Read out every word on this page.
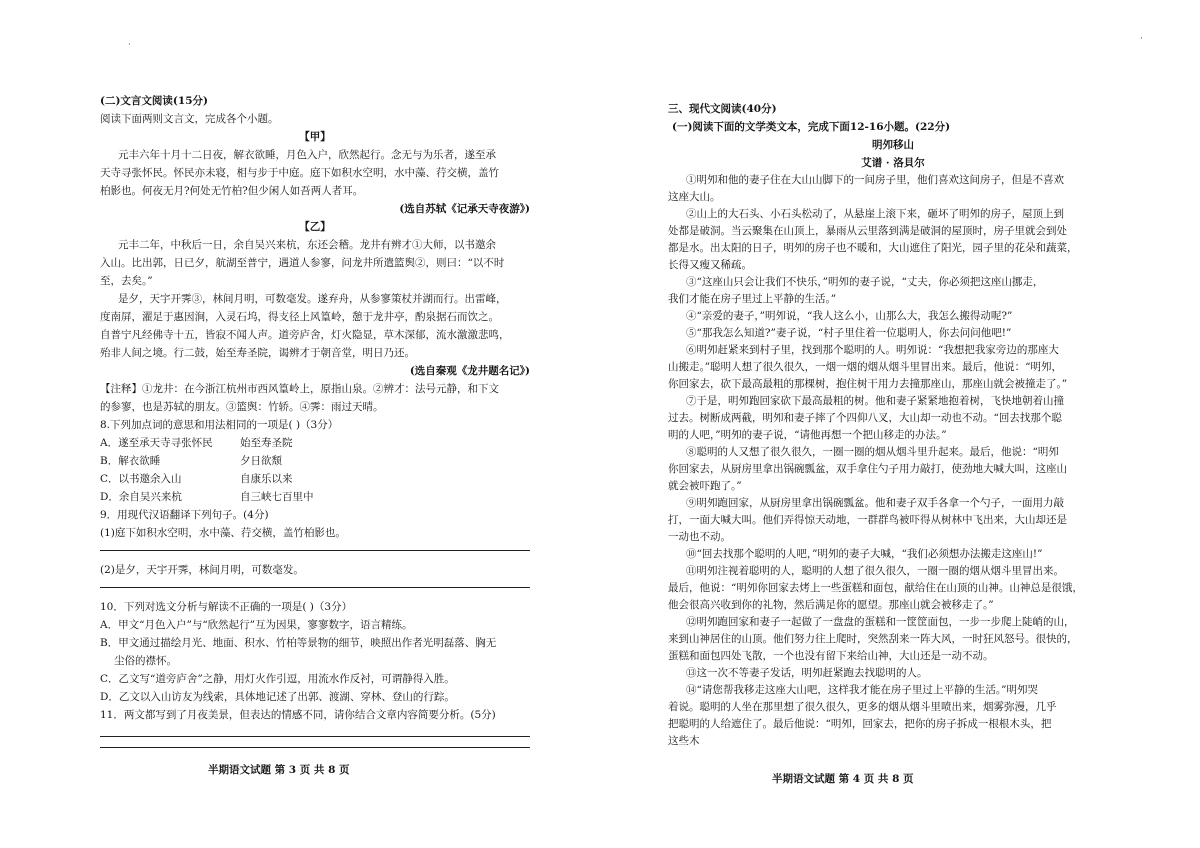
·
·
(二)文言文阅读(15分)
阅读下面两则文言文，完成各个小题。
【甲】
元丰六年十月十二日夜，解衣欲睡，月色入户，欣然起行。念无与为乐者，遂至承
天寺寻张怀民。怀民亦未寝，相与步于中庭。庭下如积水空明，水中藻、荇交横，盖竹
柏影也。何夜无月?何处无竹柏?但少闲人如吾两人者耳。
(选自苏轼《记承天寺夜游》)
【乙】
元丰二年，中秋后一日，余自吴兴来杭，东还会稽。龙井有辨才①大师，以书邀余
入山。比出郭，日已夕，航湖至普宁，遇道人参寥，问龙井所遣篮舆②，则曰：“以不时
至，去矣。”
是夕，天宇开霁③，林间月明，可数毫发。遂弃舟，从参寥策杖并湖而行。出雷峰，
度南屏，濯足于惠因涧，入灵石坞，得支径上风篁岭，憩于龙井亭，酌泉据石而饮之。
自普宁凡经佛寺十五，皆寂不闻人声。道旁庐舍，灯火隐显，草木深郁，流水激激悲鸣，
殆非人间之境。行二鼓，始至寿圣院，谒辨才于朝音堂，明日乃还。
(选自秦观《龙井题名记》)
【注释】①龙井：在今浙江杭州市西风篁岭上，原指山泉。②辨才：法号元静，和下文
的参寥，也是苏轼的朋友。③篮舆：竹轿。④霁：雨过天晴。
8.下列加点词的意思和用法相同的一项是( )（3分）
A．遂至承天寺寻张怀民	始至寿圣院
B．解衣欲睡	夕日欲颓
C．以书邀余入山	自康乐以来
D．余自吴兴来杭	自三峡七百里中
9．用现代汉语翻译下列句子。(4分)
(1)庭下如积水空明，水中藻、荇交横，盖竹柏影也。
(2)是夕，天宇开霁，林间月明，可数毫发。
10．下列对选文分析与解读不正确的一项是( )（3分）
A．甲文“月色入户”与“欣然起行”互为因果，寥寥数字，语言精练。
B．甲文通过描绘月光、地面、积水、竹柏等景物的细节，映照出作者光明磊落、胸无
尘俗的襟怀。
C．乙文写“道旁庐舍”之静，用灯火作引逗，用流水作反衬，可谓静得入胜。
D．乙文以入山访友为线索，具体地记述了出郭、渡湖、穿林、登山的行踪。
11．两文都写到了月夜美景，但表达的情感不同，请你结合文章内容简要分析。(5分)
半期语文试题 第 3 页 共 8 页
三、现代文阅读(40分)
(一)阅读下面的文学类文本，完成下面12-16小题。(22分)
明夘移山
艾谱 · 洛貝尔
①明夘和他的妻子住在大山山脚下的一间房子里，他们喜欢这间房子，但是不喜欢
这座大山。
②山上的大石头、小石头松动了，从悬崖上滚下来，砸坏了明夘的房子，屋顶上到
处都是破洞。当云聚集在山顶上，暴雨从云里落到满是破洞的屋顶时，房子里就会到处
都是水。出太阳的日子，明夘的房子也不暖和，大山遮住了阳光，园子里的花朵和蔬菜，
长得又瘦又稀疏。
③“这座山只会让我们不快乐，”明夘的妻子说，“丈夫，你必须把这座山挪走，
我们才能在房子里过上平静的生活。”
④“亲爱的妻子，”明夘说，“我人这么小，山那么大，我怎么搬得动呢?”
⑤“那我怎么知道?”妻子说，“村子里住着一位聪明人，你去问问他吧!”
⑥明夘赶紧来到村子里，找到那个聪明的人。明夘说：“我想把我家旁边的那座大
山搬走。”聪明人想了很久很久，一烟一烟的烟从烟斗里冒出来。最后，他说：“明夘，
你回家去，砍下最高最粗的那棵树，抱住树干用力去撞那座山，那座山就会被撞走了。”
⑦于是，明夘跑回家砍下最高最粗的树。他和妻子紧紧地抱着树，飞快地朝着山撞
过去。树断成两截，明夘和妻子摔了个四仰八叉，大山却一动也不动。“回去找那个聪
明的人吧，”明夘的妻子说，“请他再想一个把山移走的办法。”
⑧聪明的人又想了很久很久，一圈一圈的烟从烟斗里升起来。最后，他说：“明夘
你回家去，从厨房里拿出锅碗瓢盆，双手拿住勺子用力敲打，使劲地大喊大叫，这座山
就会被吓跑了。”
⑨明夘跑回家，从厨房里拿出锅碗瓢盆。他和妻子双手各拿一个勺子，一面用力敲
打，一面大喊大叫。他们弄得惊天动地，一群群鸟被吓得从树林中飞出来，大山却还是
一动也不动。
⑩“回去找那个聪明的人吧，”明夘的妻子大喊，“我们必须想办法搬走这座山!”
⑪明夘注视着聪明的人，聪明的人想了很久很久，一圈一圈的烟从烟斗里冒出来。
最后，他说：“明夘你回家去烤上一些蛋糕和面包，献给住在山顶的山神。山神总是很饿，
他会很高兴收到你的礼物，然后满足你的愿望。那座山就会被移走了。”
⑫明夘跑回家和妻子一起做了一盘盘的蛋糕和一筐筐面包，一步一步爬上陡峭的山，
来到山神居住的山顶。他们努力往上爬时，突然刮来一阵大风，一时狂风怒号。很快的，
蛋糕和面包四处飞散，一个也没有留下来给山神，大山还是一动不动。
⑬这一次不等妻子发话，明夘赶紧跑去找聪明的人。
⑭“请您帮我移走这座大山吧，这样我才能在房子里过上平静的生活。”明夘哭
着说。聪明的人坐在那里想了很久很久，更多的烟从烟斗里喷出来，烟雾弥漫，几乎
把聪明的人给遮住了。最后他说：“明夘，回家去，把你的房子拆成一根根木头，把
这些木
半期语文试题 第 4 页 共 8 页
